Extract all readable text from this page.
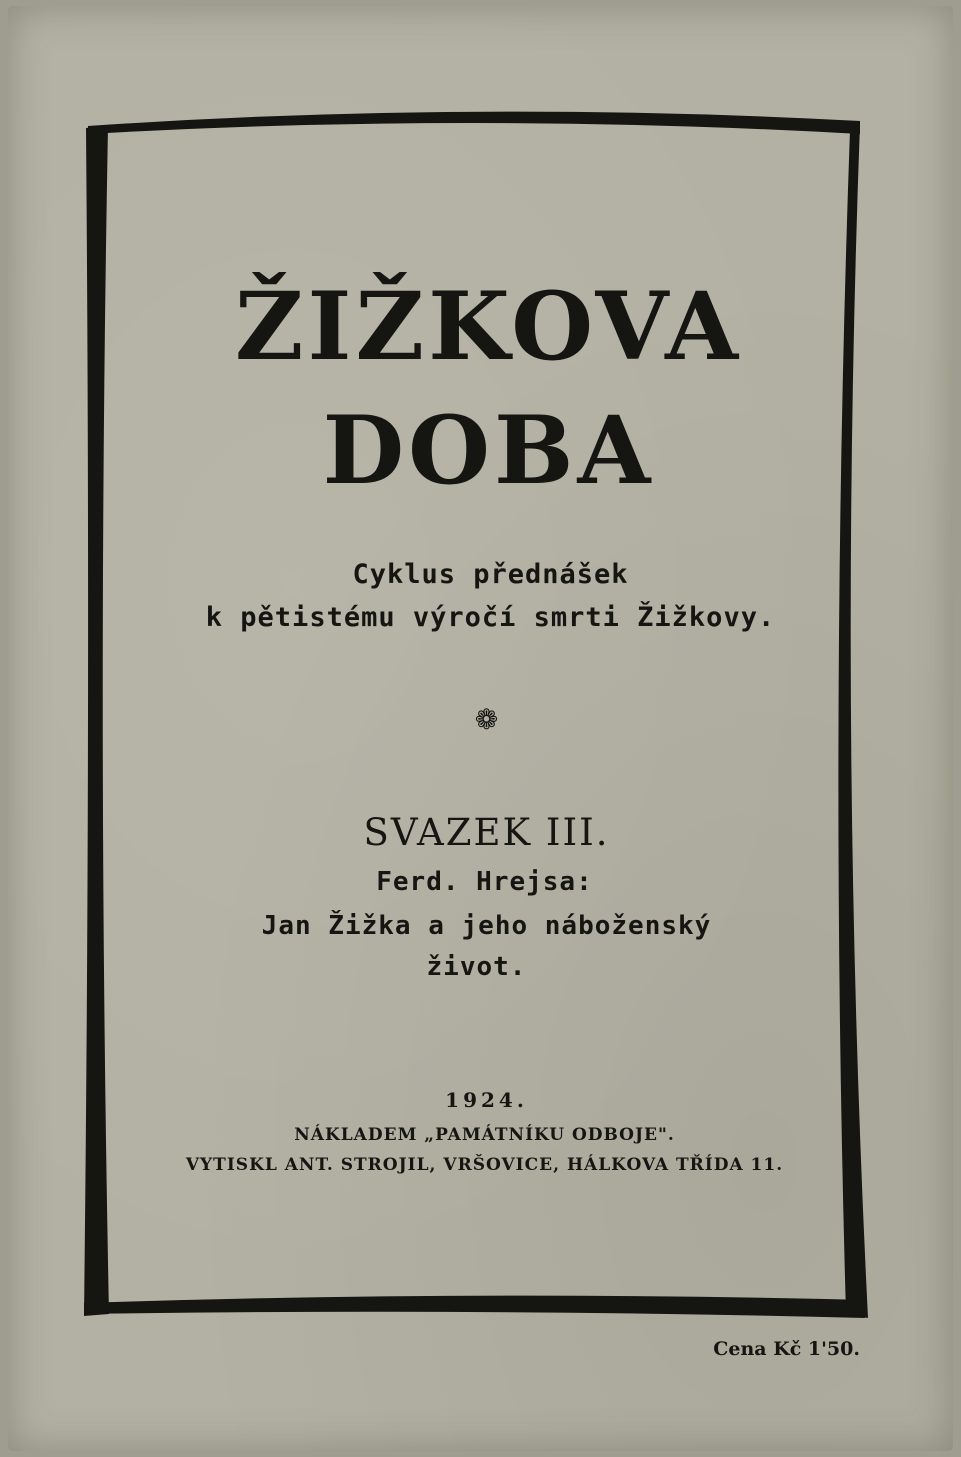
ŽIŽKOVA
DOBA
Cyklus přednášek
k pětistému výročí smrti Žižkovy.
❁
SVAZEK III.
Ferd. Hrejsa:
Jan Žižka a jeho náboženský
život.
1924.
NÁKLADEM „PAMÁTNÍKU ODBOJE".
VYTISKL ANT. STROJIL, VRŠOVICE, HÁLKOVA TŘÍDA 11.
Cena Kč 1'50.
